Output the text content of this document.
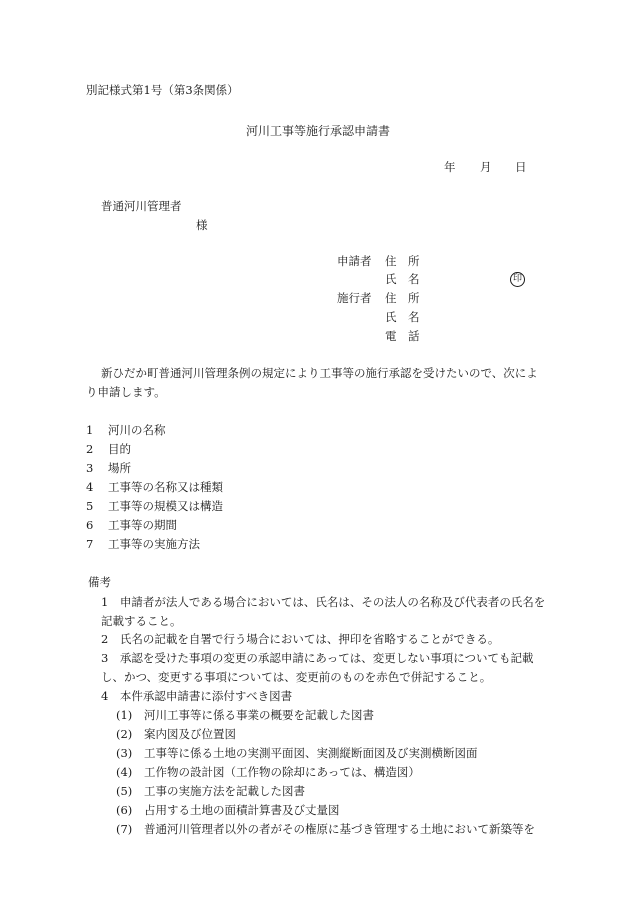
別記様式第1号（第3条関係）
河川工事等施行承認申請書
年 月 日
普通河川管理者
様
申請者 住　所
氏　名	印
施行者 住　所
氏　名
電　話
新ひだか町普通河川管理条例の規定により工事等の施行承認を受けたいので、次によ
り申請します。
1 河川の名称
2 目的
3 場所
4 工事等の名称又は種類
5 工事等の規模又は構造
6 工事等の期間
7 工事等の実施方法
備考
1　申請者が法人である場合においては、氏名は、その法人の名称及び代表者の氏名を
記載すること。
2　氏名の記載を自署で行う場合においては、押印を省略することができる。
3　承認を受けた事項の変更の承認申請にあっては、変更しない事項についても記載
し、かつ、変更する事項については、変更前のものを赤色で併記すること。
4　本件承認申請書に添付すべき図書
(1) 河川工事等に係る事業の概要を記載した図書
(2) 案内図及び位置図
(3) 工事等に係る土地の実測平面図、実測縦断面図及び実測横断図面
(4) 工作物の設計図（工作物の除却にあっては、構造図）
(5) 工事の実施方法を記載した図書
(6) 占用する土地の面積計算書及び丈量図
(7) 普通河川管理者以外の者がその権原に基づき管理する土地において新築等を
